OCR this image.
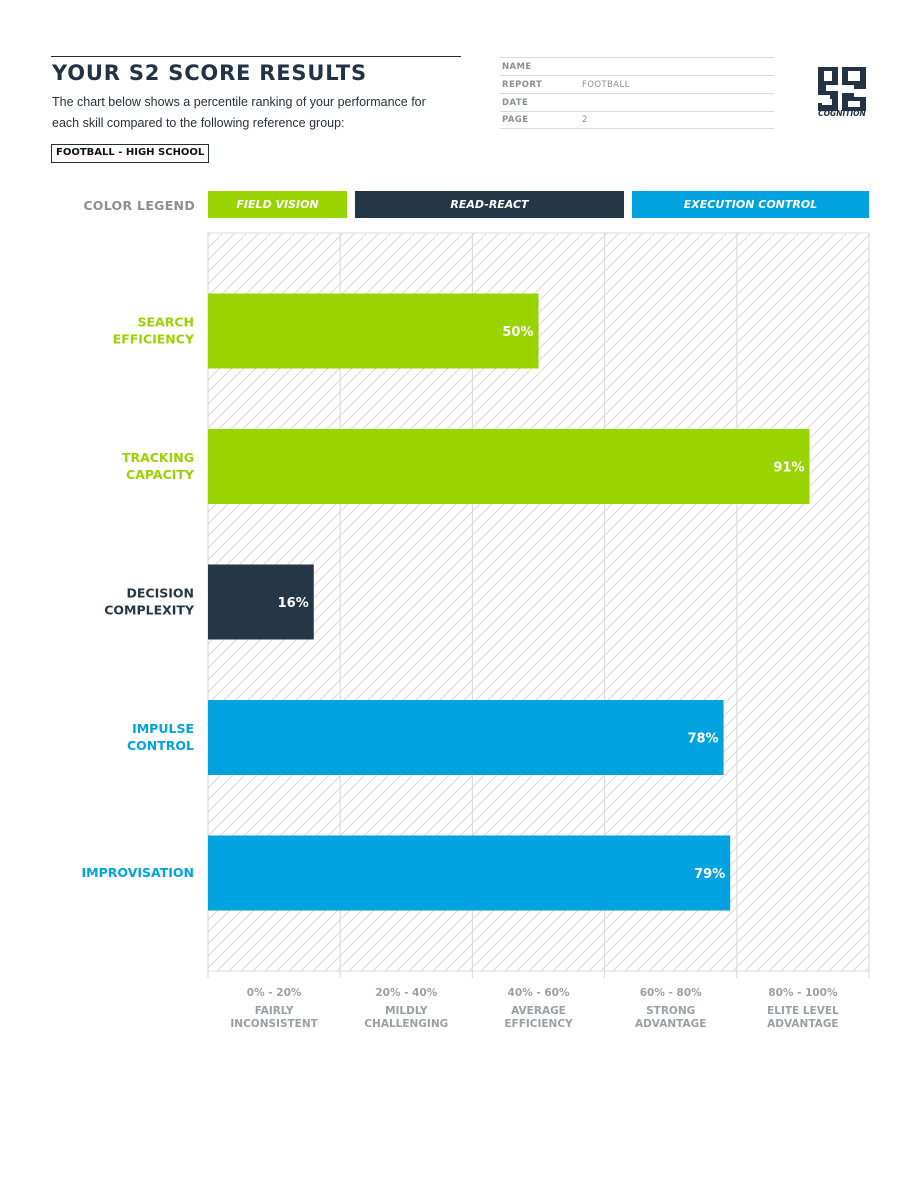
YOUR S2 SCORE RESULTS
The chart below shows a percentile ranking of your performance for each skill compared to the following reference group:
FOOTBALL - HIGH SCHOOL
NAME
REPORT	FOOTBALL
DATE
PAGE	2
COGNITION
COLOR LEGEND	FIELD VISION	READ-REACT	EXECUTION CONTROL
50%
SEARCH
EFFICIENCY
91%
TRACKING
CAPACITY
16%
DECISION
COMPLEXITY
78%
IMPULSE
CONTROL
79%
IMPROVISATION
0% - 20%
FAIRLY
INCONSISTENT
20% - 40%
MILDLY
CHALLENGING
40% - 60%
AVERAGE
EFFICIENCY
60% - 80%
STRONG
ADVANTAGE
80% - 100%
ELITE LEVEL
ADVANTAGE
